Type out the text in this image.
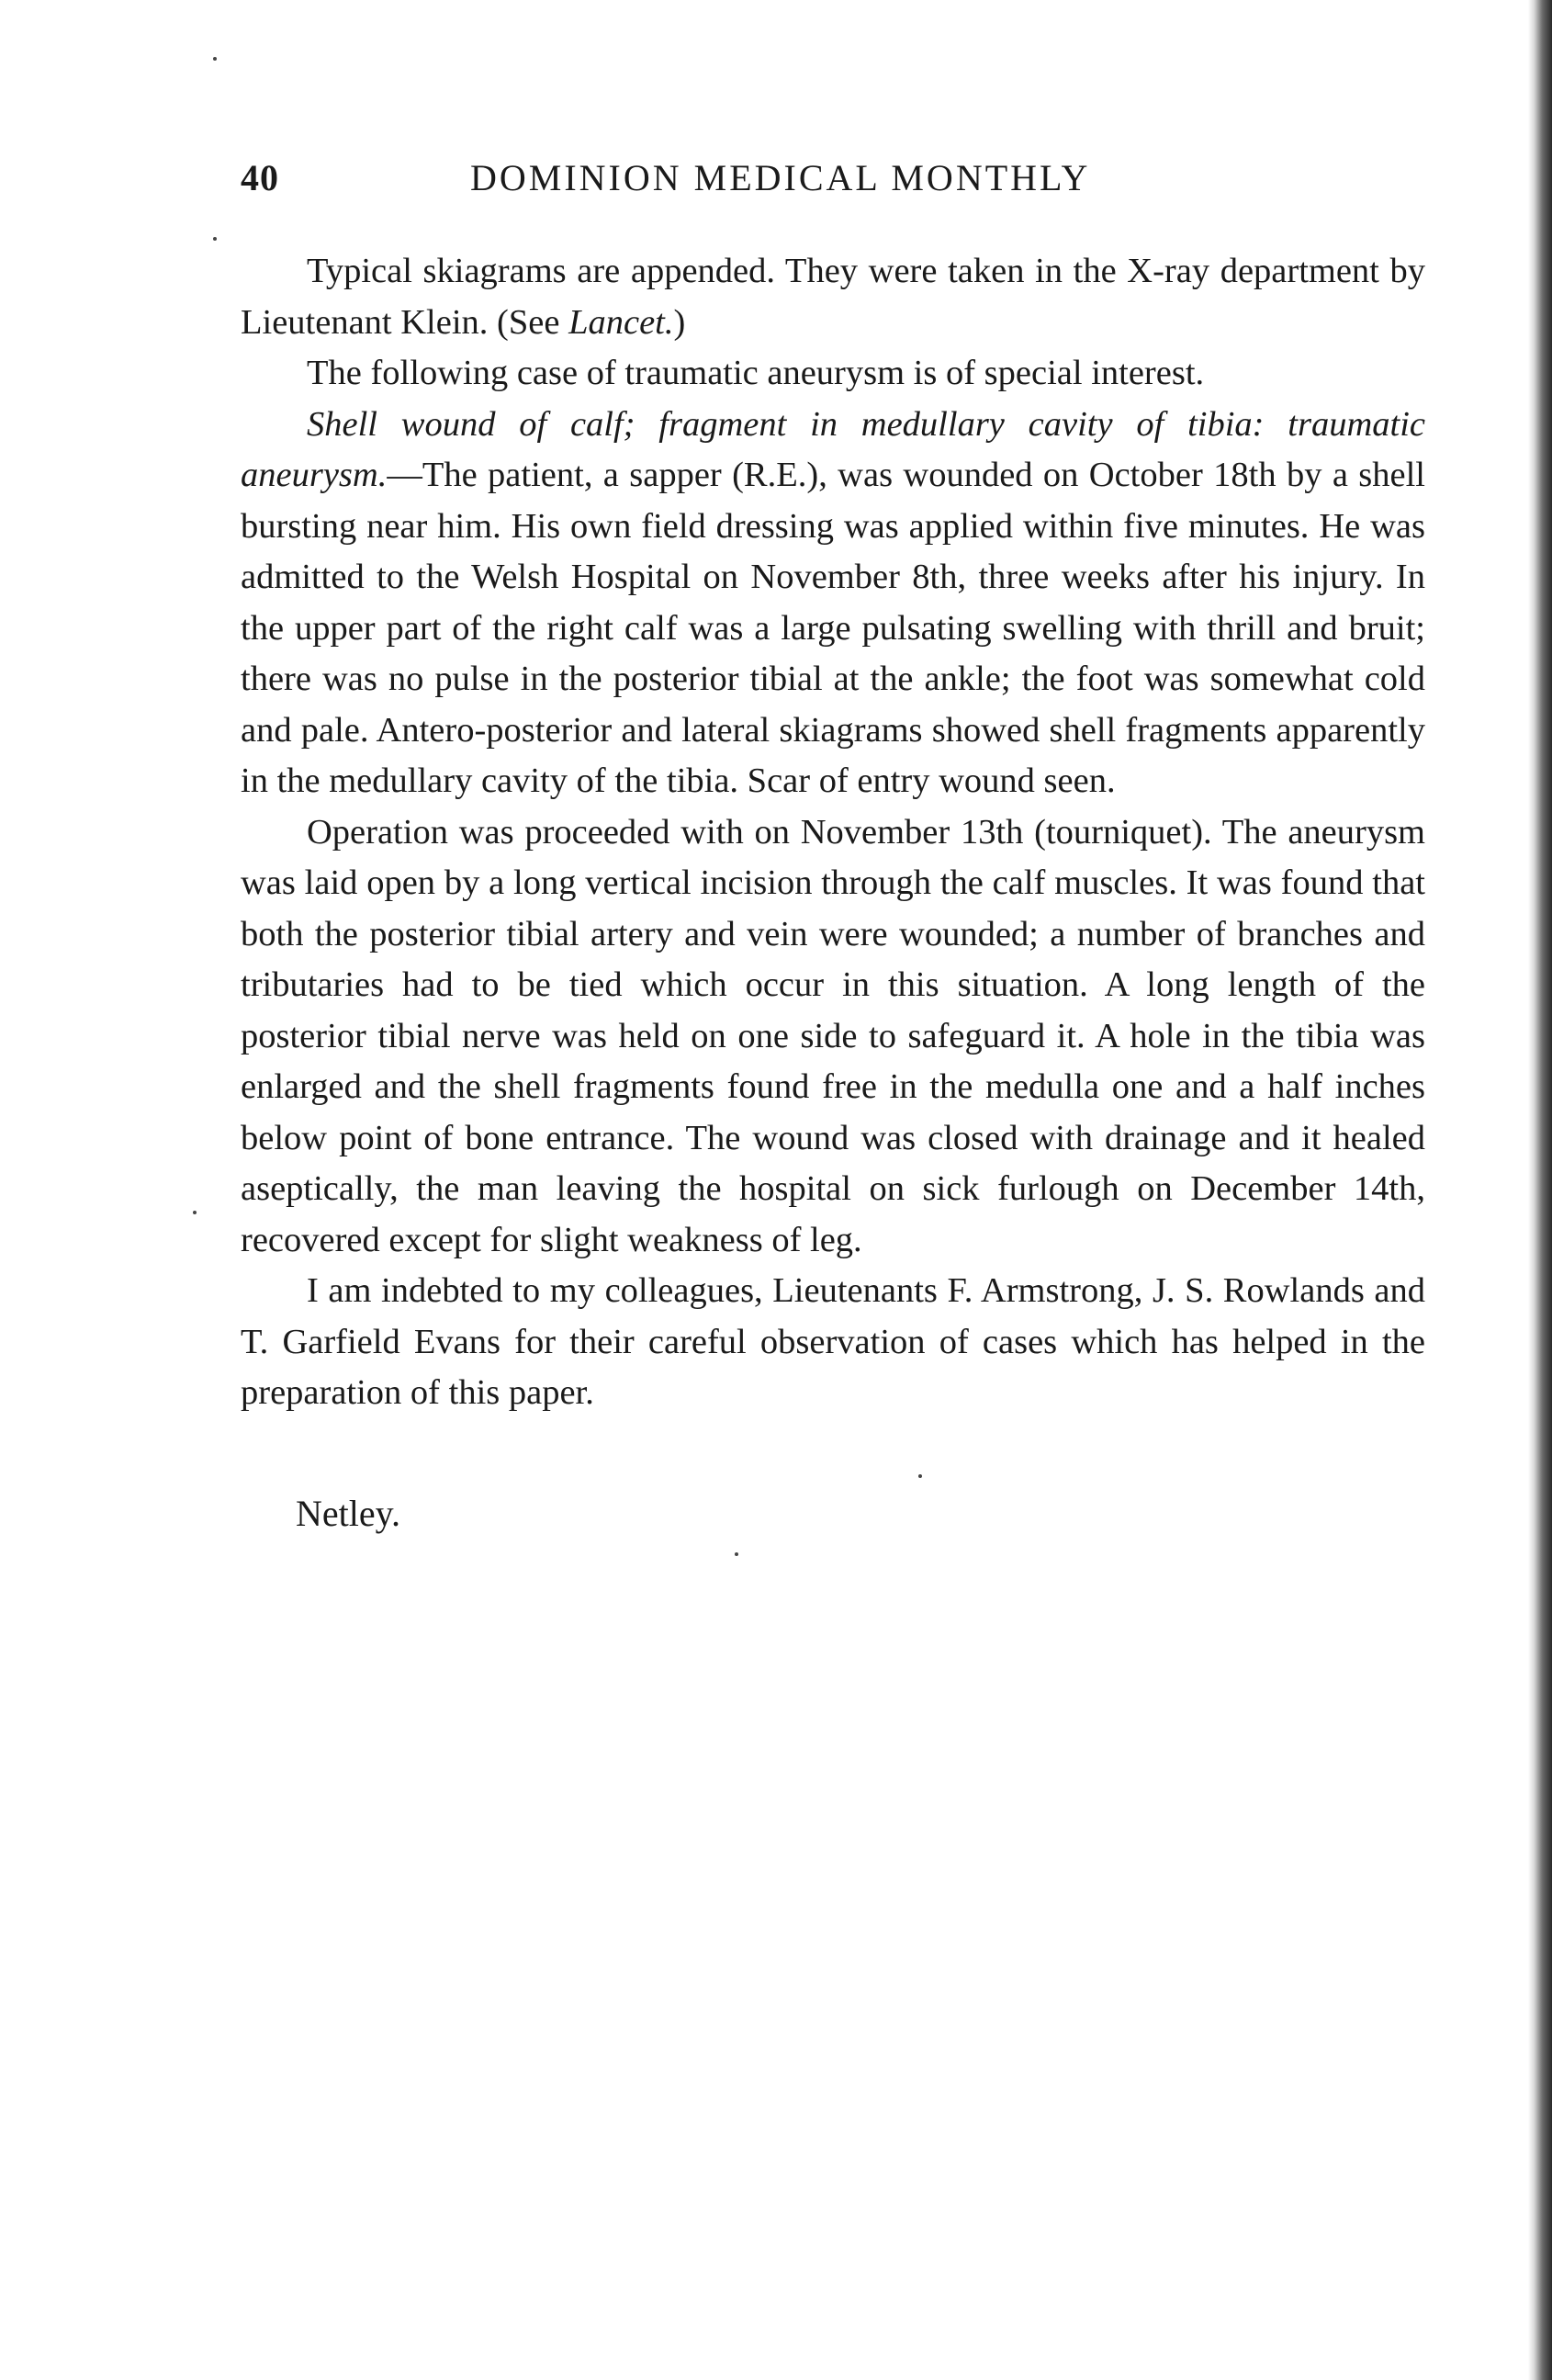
40	DOMINION MEDICAL MONTHLY

Typical skiagrams are appended. They were taken in the X-ray department by Lieutenant Klein. (See Lancet.)

The following case of traumatic aneurysm is of special interest.

Shell wound of calf; fragment in medullary cavity of tibia: traumatic aneurysm.—The patient, a sapper (R.E.), was wounded on October 18th by a shell bursting near him. His own field dressing was applied within five minutes. He was admitted to the Welsh Hospital on November 8th, three weeks after his injury. In the upper part of the right calf was a large pulsating swelling with thrill and bruit; there was no pulse in the posterior tibial at the ankle; the foot was somewhat cold and pale. Antero-posterior and lateral skiagrams showed shell fragments apparently in the medullary cavity of the tibia. Scar of entry wound seen.

Operation was proceeded with on November 13th (tourniquet). The aneurysm was laid open by a long vertical incision through the calf muscles. It was found that both the posterior tibial artery and vein were wounded; a number of branches and tributaries had to be tied which occur in this situation. A long length of the posterior tibial nerve was held on one side to safeguard it. A hole in the tibia was enlarged and the shell fragments found free in the medulla one and a half inches below point of bone entrance. The wound was closed with drainage and it healed aseptically, the man leaving the hospital on sick furlough on December 14th, recovered except for slight weakness of leg.

I am indebted to my colleagues, Lieutenants F. Armstrong, J. S. Rowlands and T. Garfield Evans for their careful observation of cases which has helped in the preparation of this paper.

Netley.
